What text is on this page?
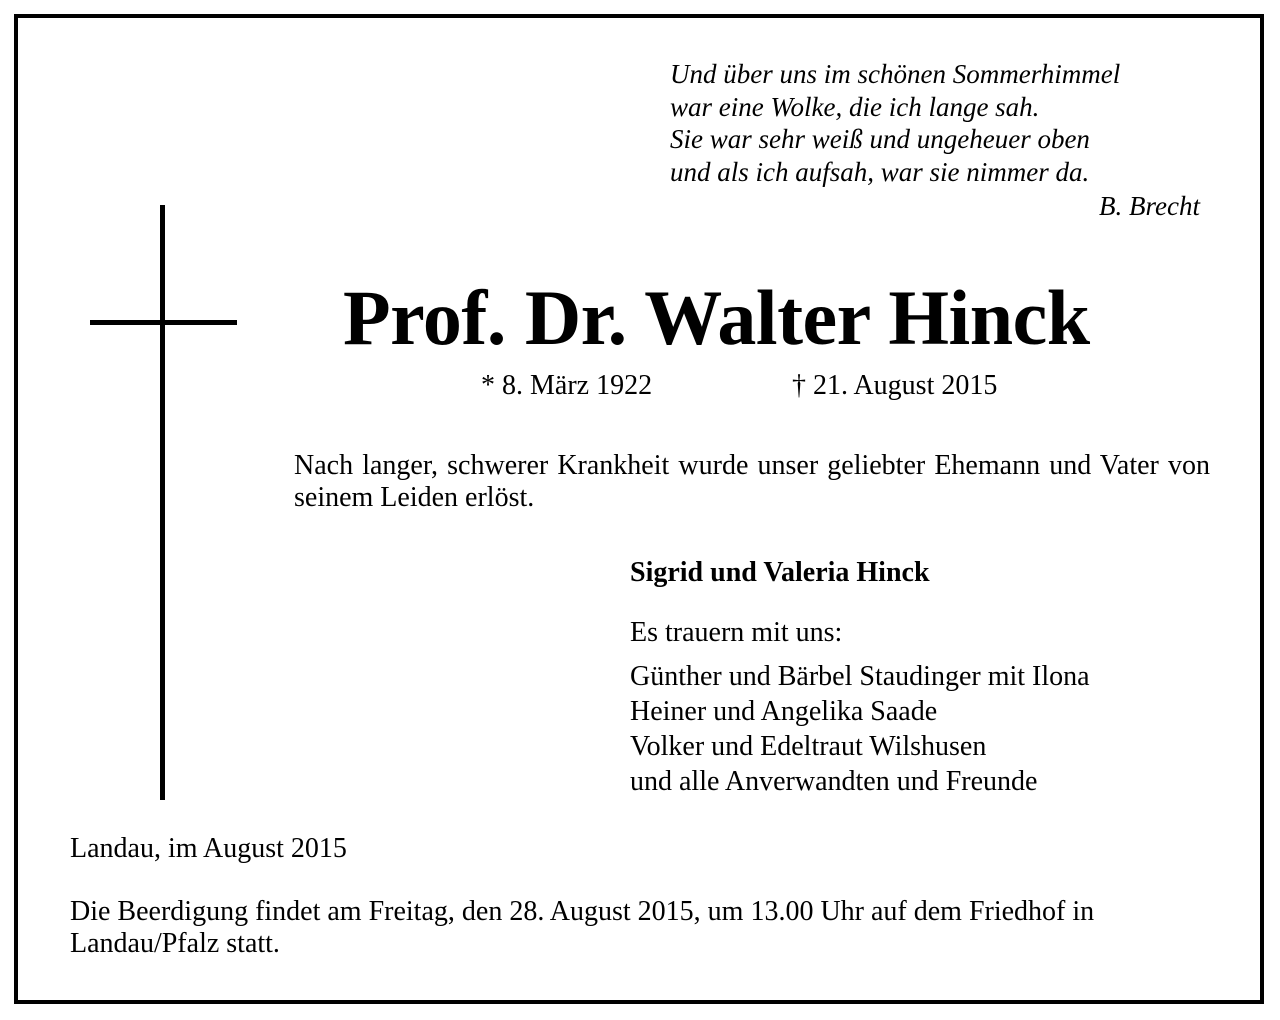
Und über uns im schönen Sommerhimmel
war eine Wolke, die ich lange sah.
Sie war sehr weiß und ungeheuer oben
und als ich aufsah, war sie nimmer da.
B. Brecht
Prof. Dr. Walter Hinck
* 8. März 1922	† 21. August 2015
Nach langer, schwerer Krankheit wurde unser geliebter Ehemann und Vater von seinem Leiden erlöst.
Sigrid und Valeria Hinck
Es trauern mit uns:
Günther und Bärbel Staudinger mit Ilona
Heiner und Angelika Saade
Volker und Edeltraut Wilshusen
und alle Anverwandten und Freunde
Landau, im August 2015
Die Beerdigung findet am Freitag, den 28. August 2015, um 13.00 Uhr auf dem Friedhof in Landau/Pfalz statt.
